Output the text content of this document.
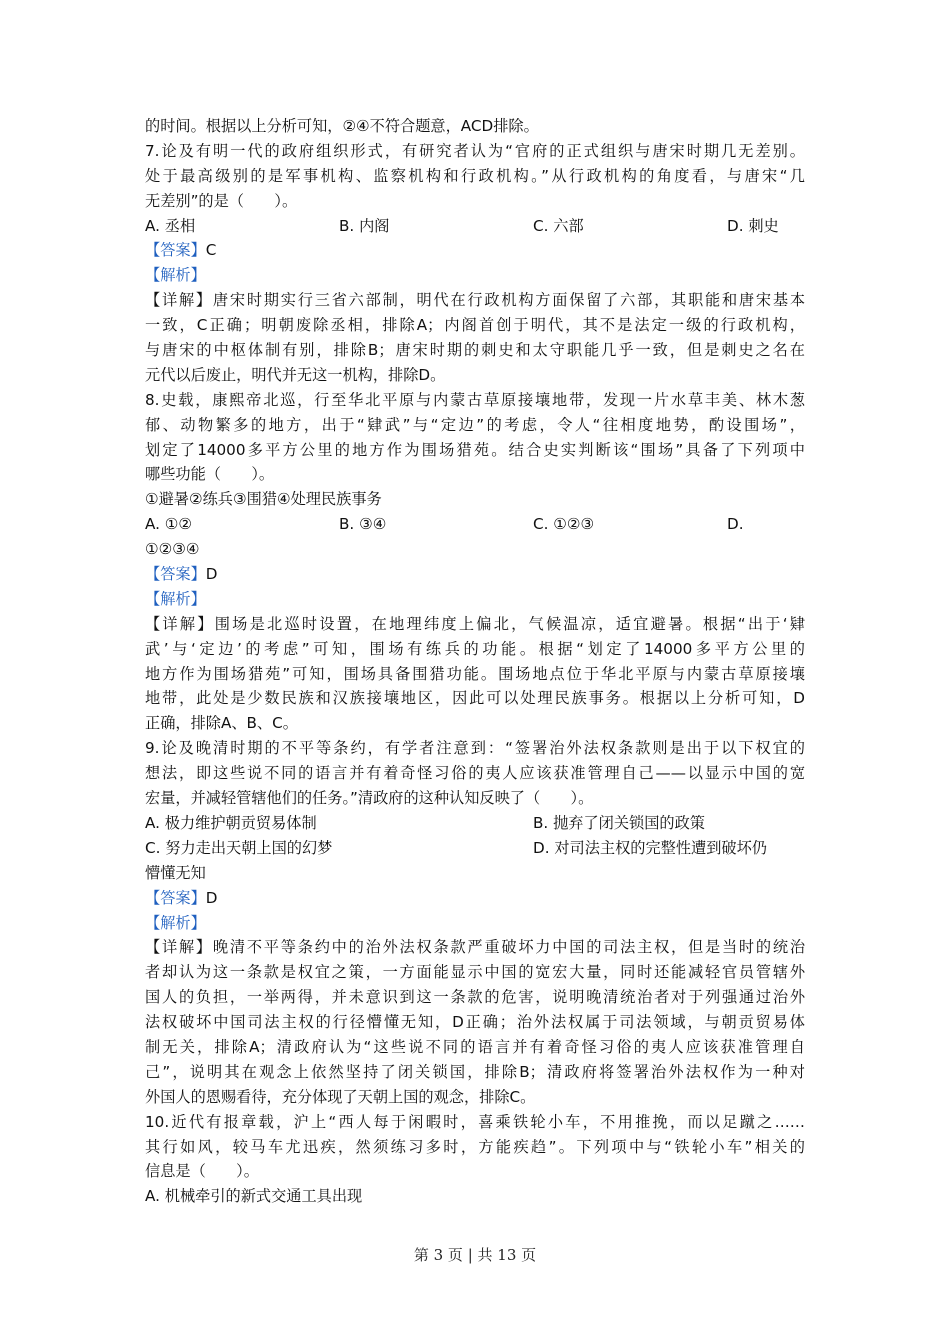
的时间。根据以上分析可知，②④不符合题意，ACD排除。
7.论及有明一代的政府组织形式，有研究者认为“官府的正式组织与唐宋时期几无差别。
处于最高级别的是军事机构、监察机构和行政机构。”从行政机构的角度看，与唐宋“几
无差别”的是（　　）。
A. 丞相	B. 内阁	C. 六部	D. 刺史
【答案】C
【解析】
【详解】唐宋时期实行三省六部制，明代在行政机构方面保留了六部，其职能和唐宋基本
一致，C正确；明朝废除丞相，排除A；内阁首创于明代，其不是法定一级的行政机构，
与唐宋的中枢体制有别，排除B；唐宋时期的刺史和太守职能几乎一致，但是刺史之名在
元代以后废止，明代并无这一机构，排除D。
8.史载，康熙帝北巡，行至华北平原与内蒙古草原接壤地带，发现一片水草丰美、林木葱
郁、动物繁多的地方，出于“肄武”与“定边”的考虑，令人“往相度地势，酌设围场”，
划定了14000多平方公里的地方作为围场猎苑。结合史实判断该“围场”具备了下列项中
哪些功能（　　）。
①避暑②练兵③围猎④处理民族事务
A. ①②	B. ③④	C. ①②③	D.
①②③④
【答案】D
【解析】
【详解】围场是北巡时设置，在地理纬度上偏北，气候温凉，适宜避暑。根据“出于‘肄
武’与‘定边’的考虑”可知，围场有练兵的功能。根据“划定了14000多平方公里的
地方作为围场猎苑”可知，围场具备围猎功能。围场地点位于华北平原与内蒙古草原接壤
地带，此处是少数民族和汉族接壤地区，因此可以处理民族事务。根据以上分析可知，D
正确，排除A、B、C。
9.论及晚清时期的不平等条约，有学者注意到：“签署治外法权条款则是出于以下权宜的
想法，即这些说不同的语言并有着奇怪习俗的夷人应该获准管理自己——以显示中国的宽
宏量，并减轻管辖他们的任务。”清政府的这种认知反映了（　　）。
A. 极力维护朝贡贸易体制	B. 抛弃了闭关锁国的政策
C. 努力走出天朝上国的幻梦	D. 对司法主权的完整性遭到破坏仍
懵懂无知
【答案】D
【解析】
【详解】晚清不平等条约中的治外法权条款严重破坏力中国的司法主权，但是当时的统治
者却认为这一条款是权宜之策，一方面能显示中国的宽宏大量，同时还能减轻官员管辖外
国人的负担，一举两得，并未意识到这一条款的危害，说明晚清统治者对于列强通过治外
法权破坏中国司法主权的行径懵懂无知，D正确；治外法权属于司法领域，与朝贡贸易体
制无关，排除A；清政府认为“这些说不同的语言并有着奇怪习俗的夷人应该获准管理自
己”，说明其在观念上依然坚持了闭关锁国，排除B；清政府将签署治外法权作为一种对
外国人的恩赐看待，充分体现了天朝上国的观念，排除C。
10.近代有报章载，沪上“西人每于闲暇时，喜乘铁轮小车，不用推挽，而以足蹴之……
其行如风，较马车尤迅疾，然须练习多时，方能疾趋”。下列项中与“铁轮小车”相关的
信息是（　　）。
A. 机械牵引的新式交通工具出现
第 3 页 | 共 13 页
